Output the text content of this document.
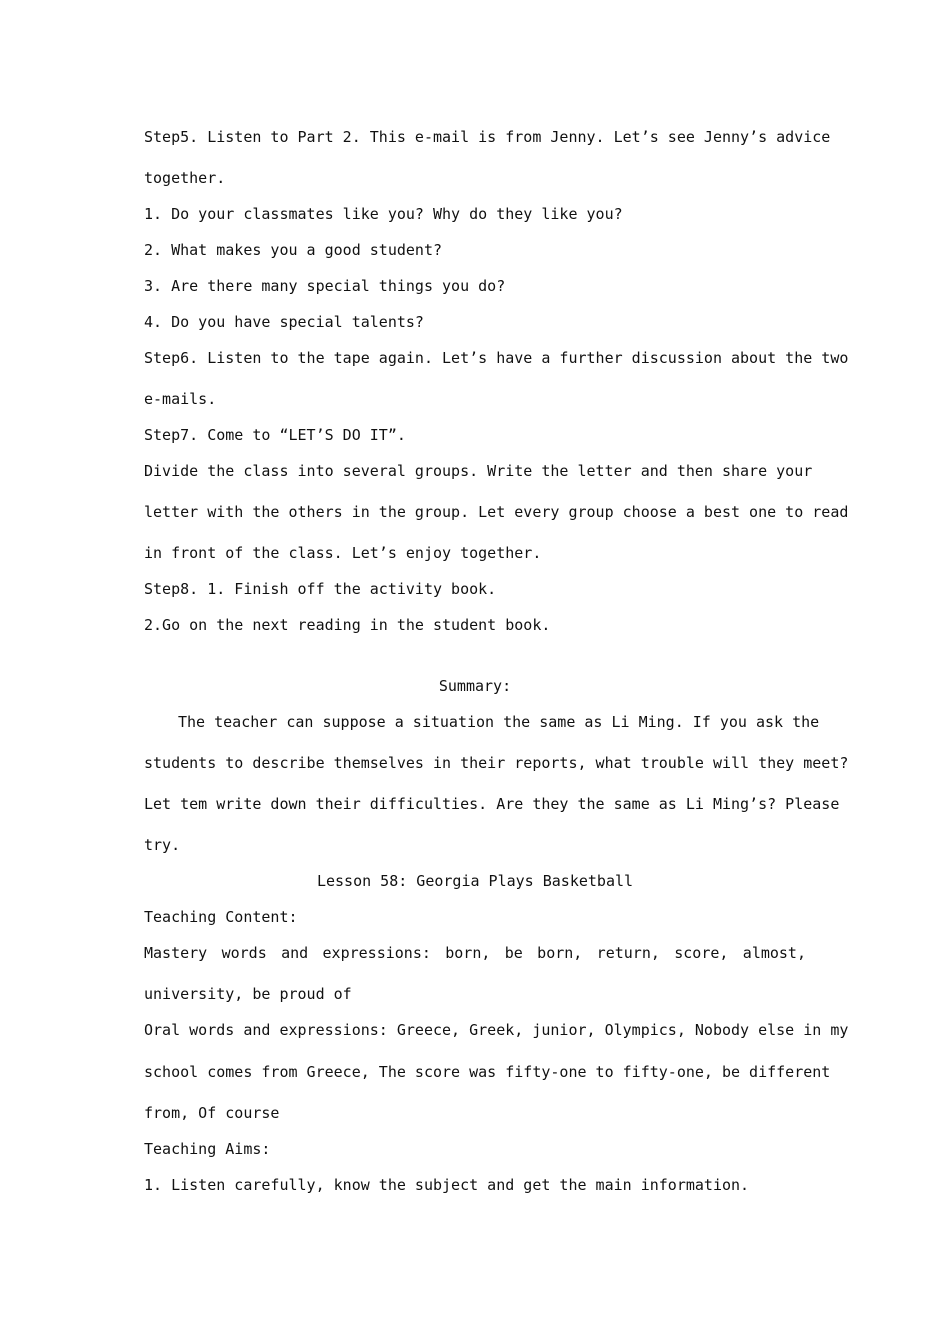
Step5. Listen to Part 2. This e-mail is from Jenny. Let’s see Jenny’s advice
together.
1. Do your classmates like you? Why do they like you?
2. What makes you a good student?
3. Are there many special things you do?
4. Do you have special talents?
Step6. Listen to the tape again. Let’s have a further discussion about the two
e-mails.
Step7. Come to “LET’S DO IT”.
Divide the class into several groups. Write the letter and then share your
letter with the others in the group. Let every group choose a best one to read
in front of the class. Let’s enjoy together.
Step8. 1. Finish off the activity book.
2.Go on the next reading in the student book.
Summary:
The teacher can suppose a situation the same as Li Ming. If you ask the
students to describe themselves in their reports, what trouble will they meet?
Let tem write down their difficulties. Are they the same as Li Ming’s? Please
try.
Lesson 58: Georgia Plays Basketball
Teaching Content:
Mastery words and expressions: born, be born, return, score, almost,
university, be proud of
Oral words and expressions: Greece, Greek, junior, Olympics, Nobody else in my
school comes from Greece, The score was fifty-one to fifty-one, be different
from, Of course
Teaching Aims:
1. Listen carefully, know the subject and get the main information.
